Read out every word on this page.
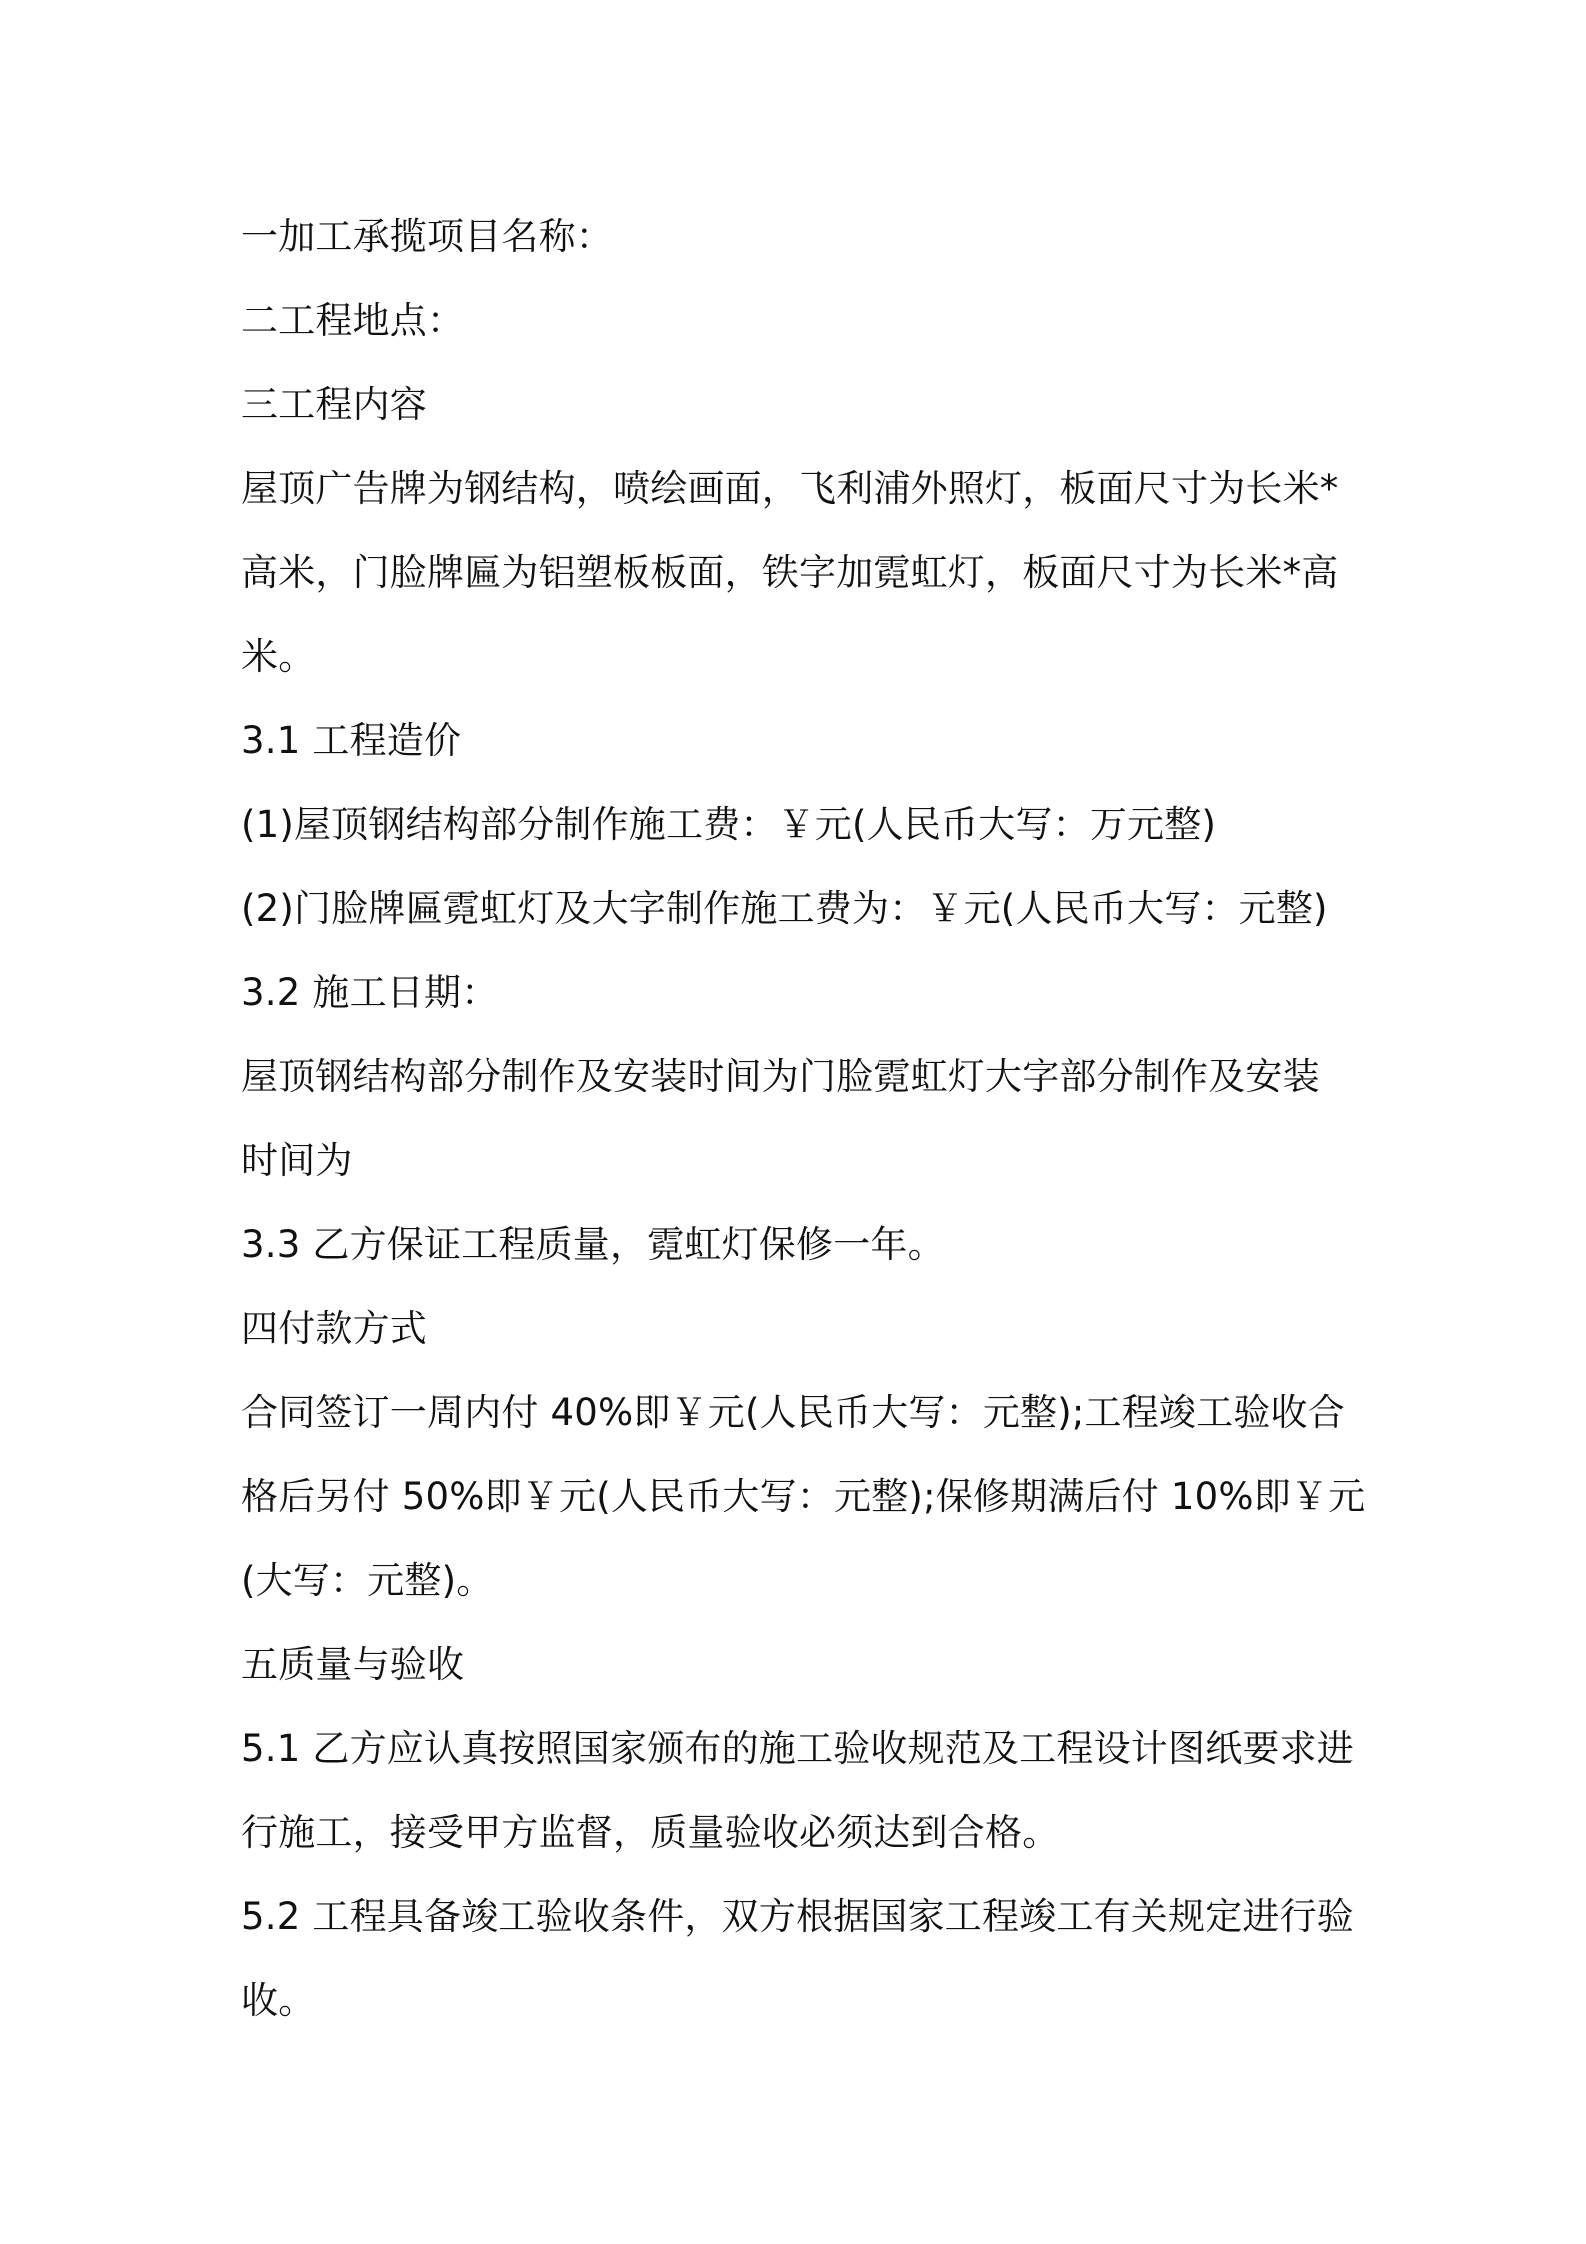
一加工承揽项目名称：
二工程地点：
三工程内容
屋顶广告牌为钢结构，喷绘画面，飞利浦外照灯，板面尺寸为长米*
高米，门脸牌匾为铝塑板板面，铁字加霓虹灯，板面尺寸为长米*高
米。
3.1 工程造价
(1)屋顶钢结构部分制作施工费：￥元(人民币大写：万元整)
(2)门脸牌匾霓虹灯及大字制作施工费为：￥元(人民币大写：元整)
3.2 施工日期：
屋顶钢结构部分制作及安装时间为门脸霓虹灯大字部分制作及安装
时间为
3.3 乙方保证工程质量，霓虹灯保修一年。
四付款方式
合同签订一周内付 40%即￥元(人民币大写：元整);工程竣工验收合
格后另付 50%即￥元(人民币大写：元整);保修期满后付 10%即￥元
(大写：元整)。
五质量与验收
5.1 乙方应认真按照国家颁布的施工验收规范及工程设计图纸要求进
行施工，接受甲方监督，质量验收必须达到合格。
5.2 工程具备竣工验收条件，双方根据国家工程竣工有关规定进行验
收。
